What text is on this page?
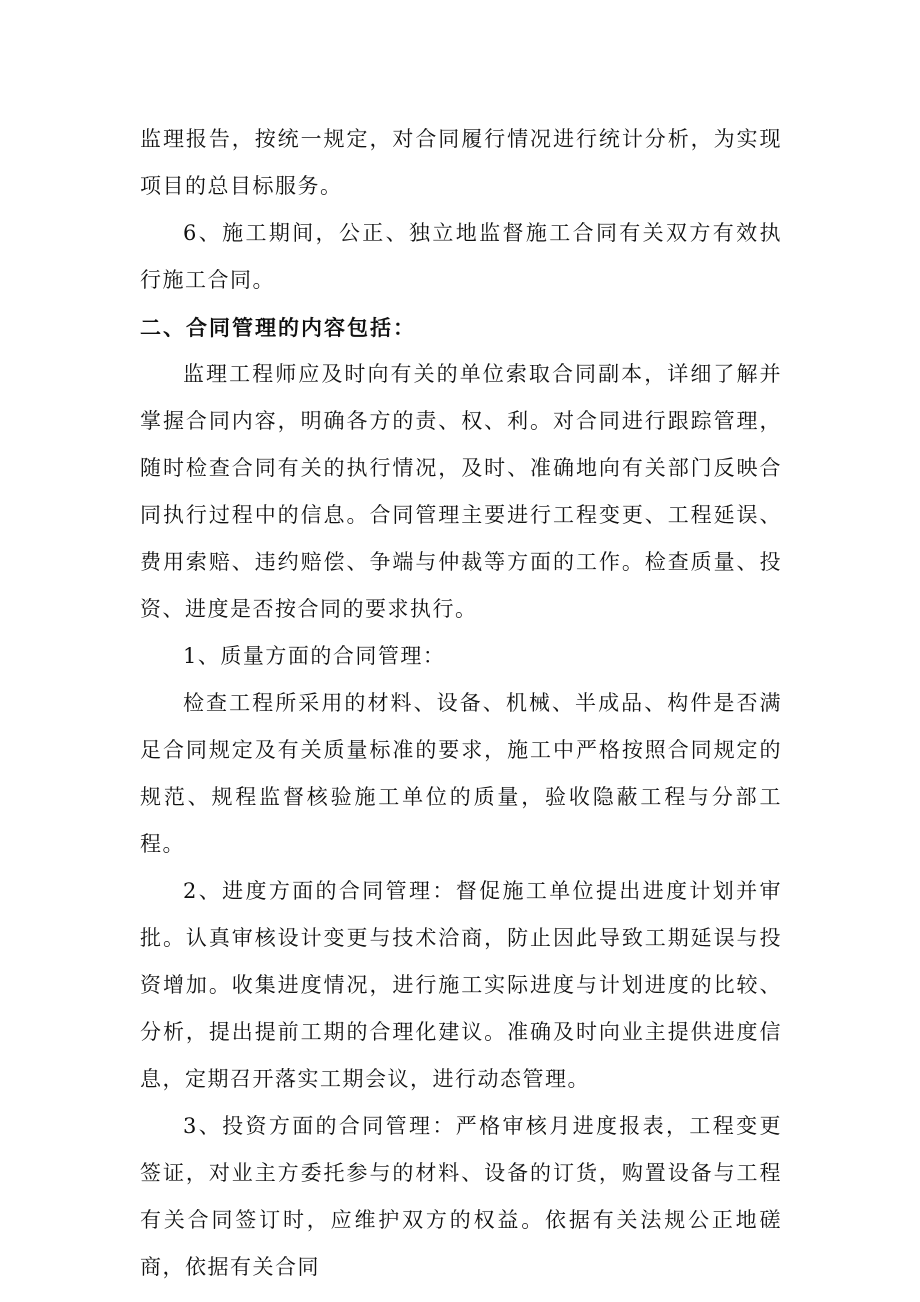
监理报告，按统一规定，对合同履行情况进行统计分析，为实现项目的总目标服务。

6、施工期间，公正、独立地监督施工合同有关双方有效执行施工合同。

二、合同管理的内容包括：

监理工程师应及时向有关的单位索取合同副本，详细了解并掌握合同内容，明确各方的责、权、利。对合同进行跟踪管理，随时检查合同有关的执行情况，及时、准确地向有关部门反映合同执行过程中的信息。合同管理主要进行工程变更、工程延误、费用索赔、违约赔偿、争端与仲裁等方面的工作。检查质量、投资、进度是否按合同的要求执行。

1、质量方面的合同管理：

检查工程所采用的材料、设备、机械、半成品、构件是否满足合同规定及有关质量标准的要求，施工中严格按照合同规定的规范、规程监督核验施工单位的质量，验收隐蔽工程与分部工程。

2、进度方面的合同管理：督促施工单位提出进度计划并审批。认真审核设计变更与技术洽商，防止因此导致工期延误与投资增加。收集进度情况，进行施工实际进度与计划进度的比较、分析，提出提前工期的合理化建议。准确及时向业主提供进度信息，定期召开落实工期会议，进行动态管理。

3、投资方面的合同管理：严格审核月进度报表，工程变更签证，对业主方委托参与的材料、设备的订货，购置设备与工程有关合同签订时，应维护双方的权益。依据有关法规公正地磋商，依据有关合同
